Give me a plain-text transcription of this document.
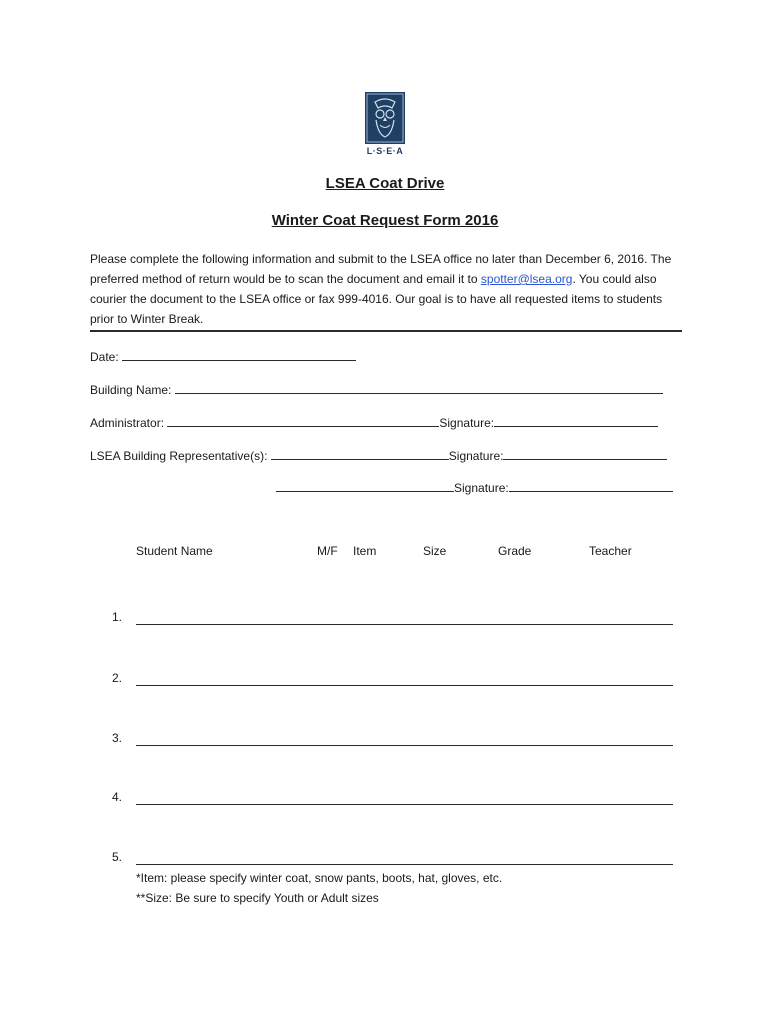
L·S·E·A
LSEA Coat Drive
Winter Coat Request Form 2016
Please complete the following information and submit to the LSEA office no later than December 6, 2016. The preferred method of return would be to scan the document and email it to spotter@lsea.org. You could also courier the document to the LSEA office or fax 999-4016. Our goal is to have all requested items to students prior to Winter Break.
Date:
Building Name:
Administrator:	Signature:
LSEA Building Representative(s):	Signature:
Signature:
Student Name	M/F Item	Size	Grade	Teacher
1.
2.
3.
4.
5.
*Item: please specify winter coat, snow pants, boots, hat, gloves, etc.
**Size: Be sure to specify Youth or Adult sizes
